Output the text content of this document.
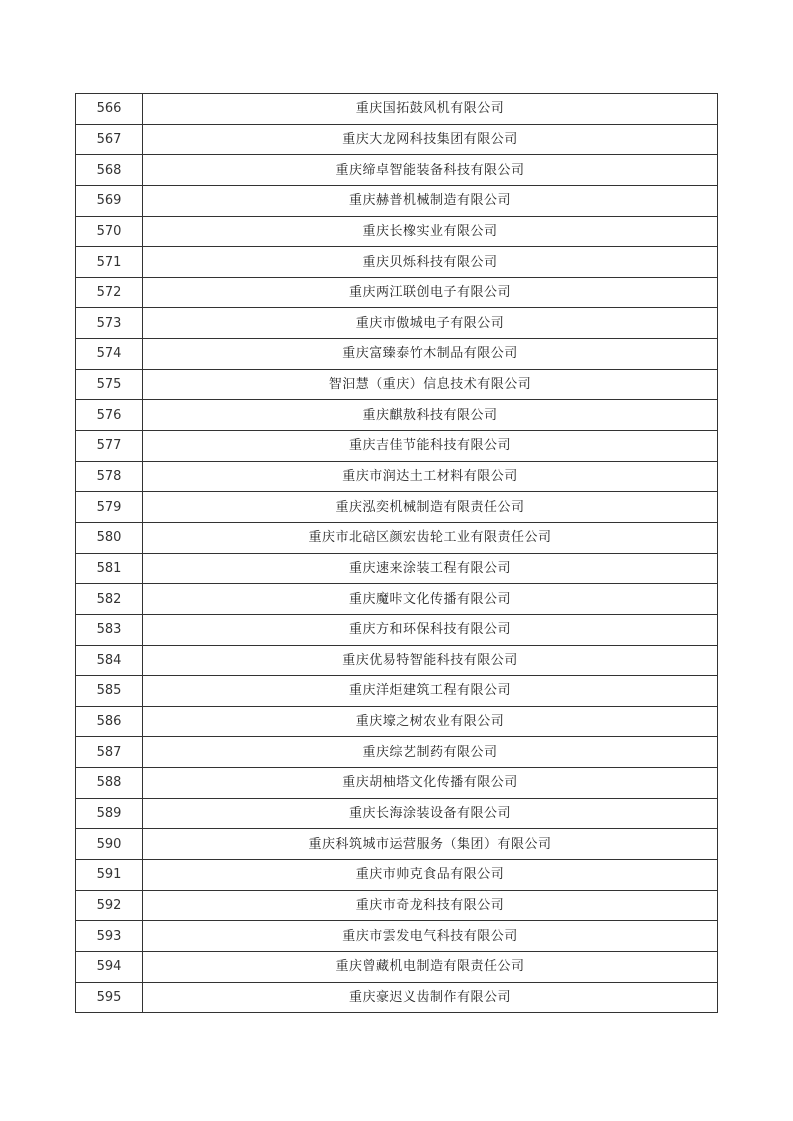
566	重庆国拓鼓风机有限公司
567	重庆大龙网科技集团有限公司
568	重庆缔卓智能装备科技有限公司
569	重庆赫普机械制造有限公司
570	重庆长橡实业有限公司
571	重庆贝烁科技有限公司
572	重庆两江联创电子有限公司
573	重庆市傲城电子有限公司
574	重庆富臻泰竹木制品有限公司
575	智汩慧（重庆）信息技术有限公司
576	重庆麒敖科技有限公司
577	重庆吉佳节能科技有限公司
578	重庆市润达土工材料有限公司
579	重庆泓奕机械制造有限责任公司
580	重庆市北碚区颜宏齿轮工业有限责任公司
581	重庆速来涂装工程有限公司
582	重庆魔咔文化传播有限公司
583	重庆方和环保科技有限公司
584	重庆优易特智能科技有限公司
585	重庆洋炬建筑工程有限公司
586	重庆壕之树农业有限公司
587	重庆综艺制药有限公司
588	重庆胡柚塔文化传播有限公司
589	重庆长海涂装设备有限公司
590	重庆科筑城市运营服务（集团）有限公司
591	重庆市帅克食品有限公司
592	重庆市奇龙科技有限公司
593	重庆市雲发电气科技有限公司
594	重庆曾藏机电制造有限责任公司
595	重庆豪迟义齿制作有限公司
